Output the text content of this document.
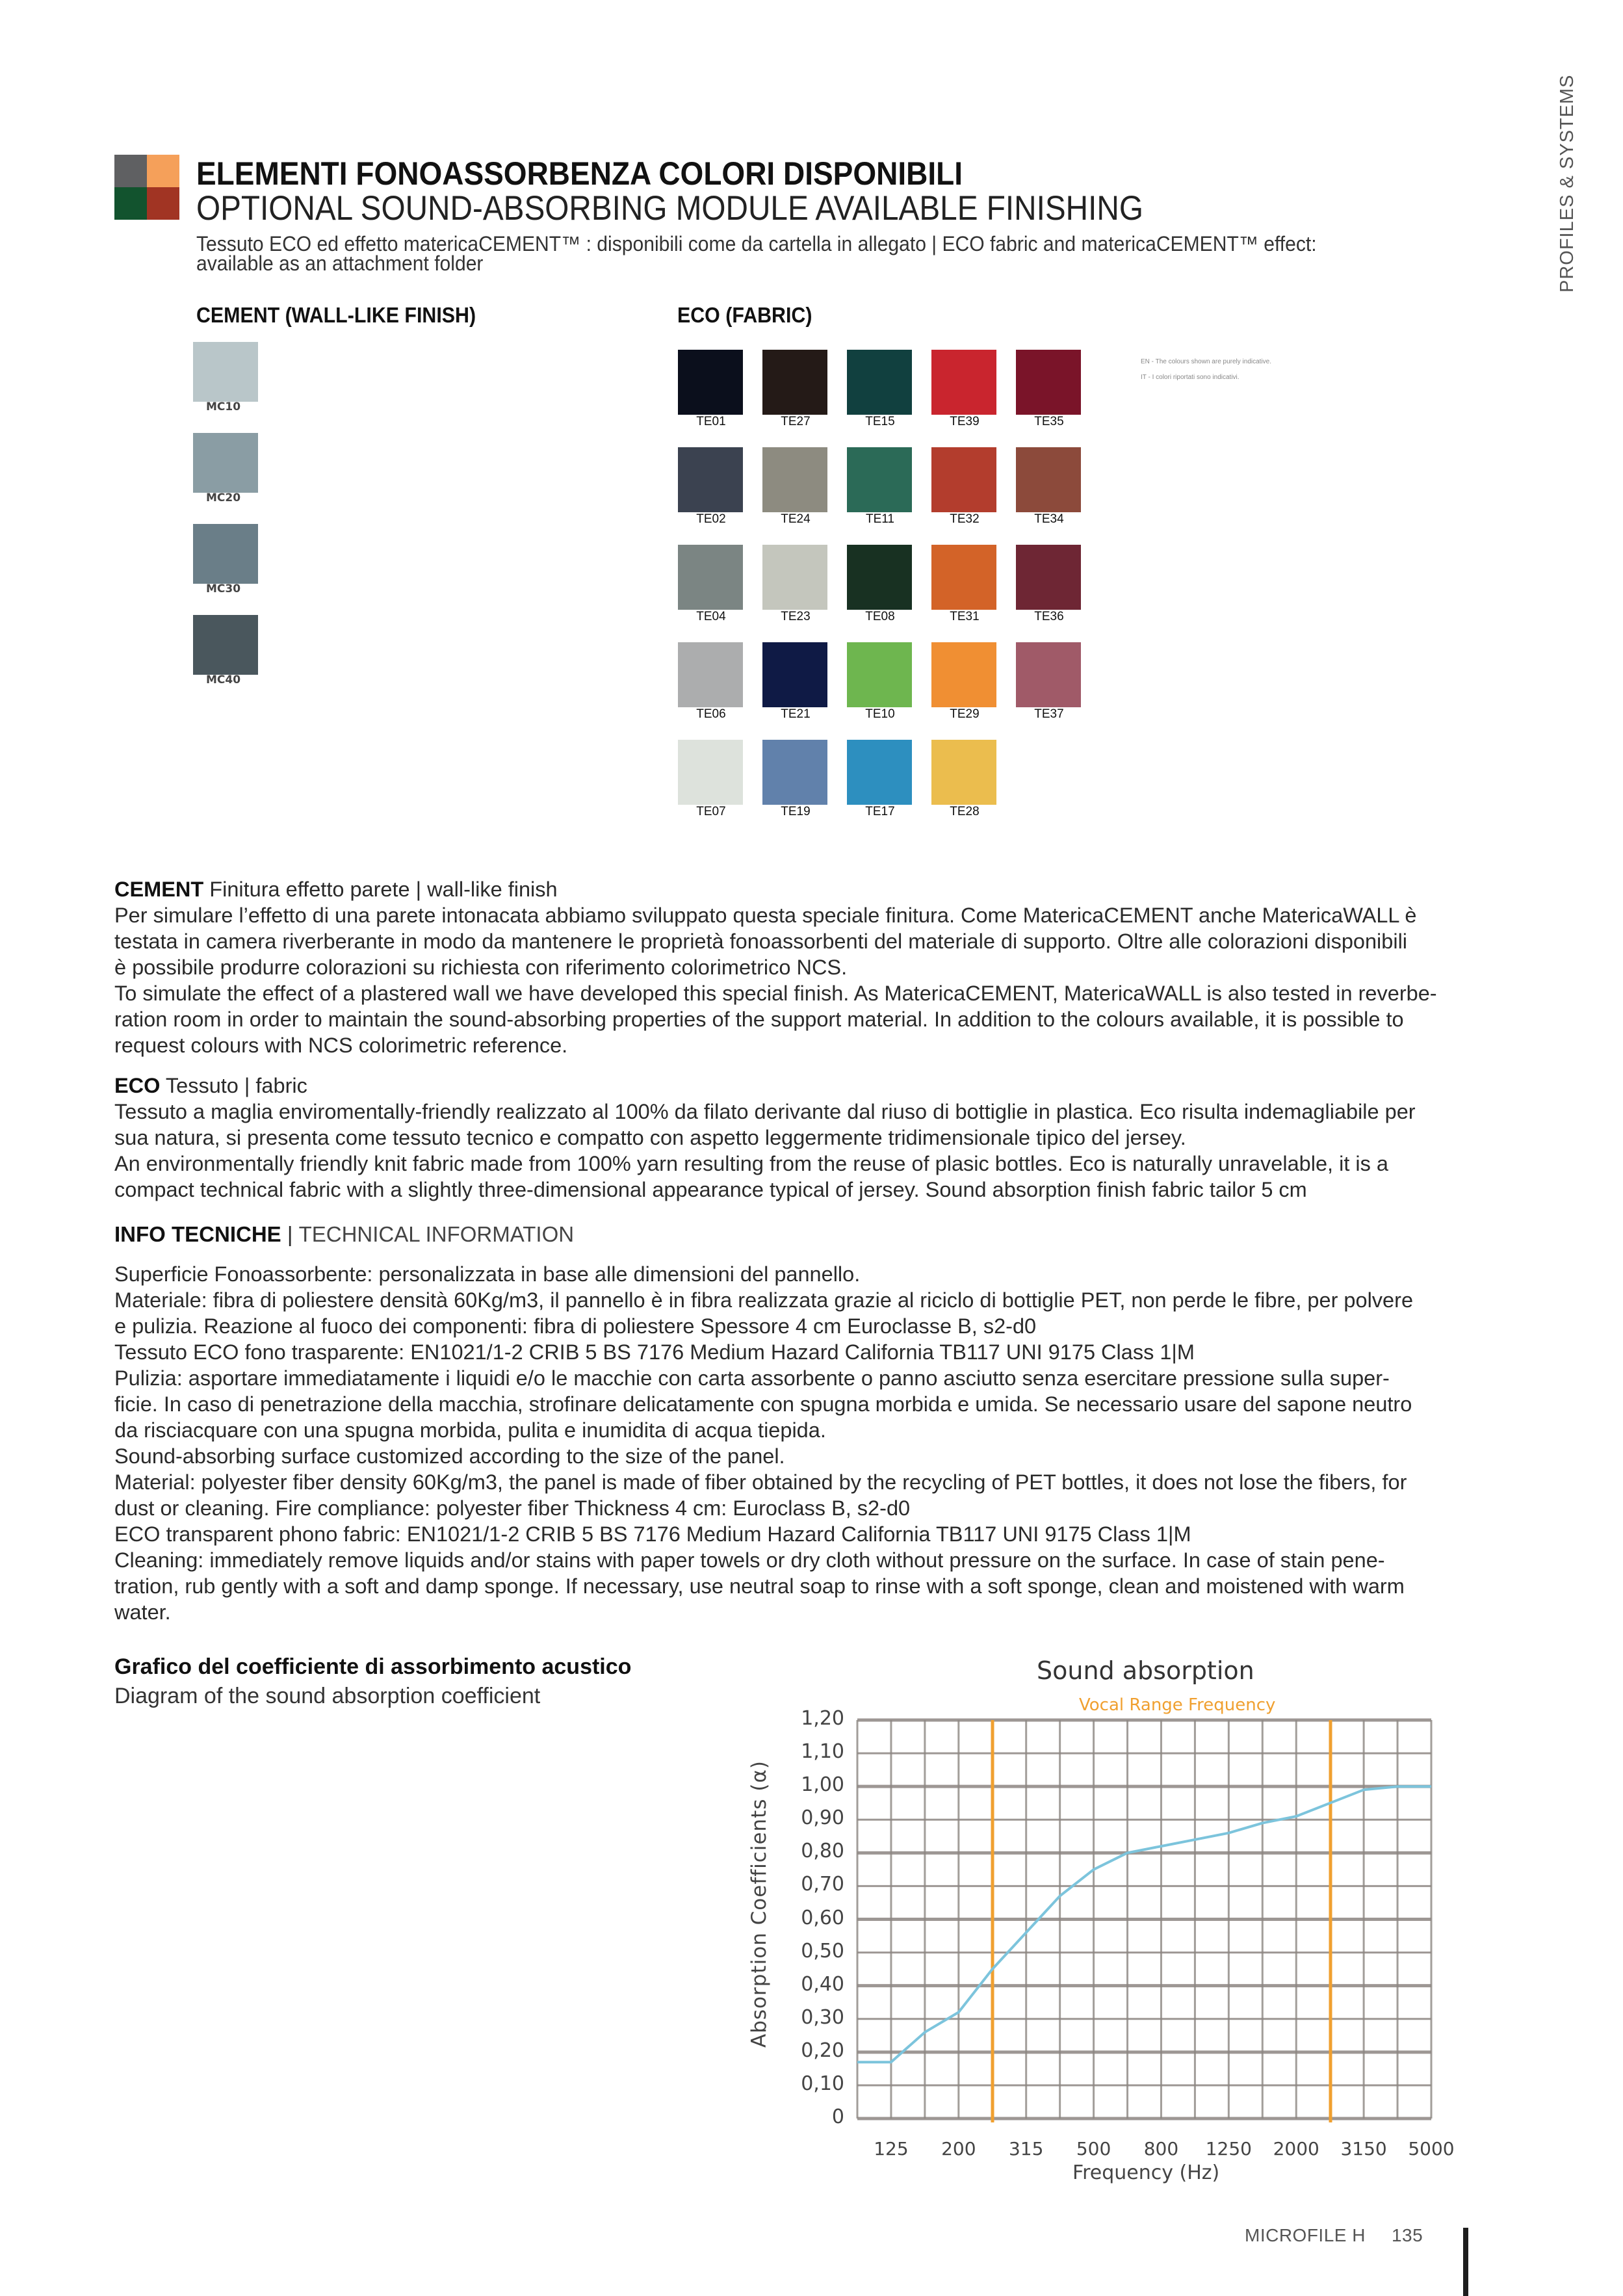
PROFILES & SYSTEMS
ELEMENTI FONOASSORBENZA COLORI DISPONIBILI
OPTIONAL SOUND-ABSORBING MODULE AVAILABLE FINISHING
Tessuto ECO ed effetto matericaCEMENT™ : disponibili come da cartella in allegato | ECO fabric and matericaCEMENT™ effect: available as an attachment folder
CEMENT (WALL-LIKE FINISH)	ECO (FABRIC)
MC10
MC20
MC30
MC40
TE01	TE27	TE15	TE39	TE35
TE02	TE24	TE11	TE32	TE34
TE04	TE23	TE08	TE31	TE36
TE06	TE21	TE10	TE29	TE37
TE07	TE19	TE17	TE28
EN - The colours shown are purely indicative.
IT - I colori riportati sono indicativi.
CEMENT Finitura effetto parete | wall-like finish
Per simulare l’effetto di una parete intonacata abbiamo sviluppato questa speciale finitura. Come MatericaCEMENT anche MatericaWALL è
testata in camera riverberante in modo da mantenere le proprietà fonoassorbenti del materiale di supporto. Oltre alle colorazioni disponibili
è possibile produrre colorazioni su richiesta con riferimento colorimetrico NCS.
To simulate the effect of a plastered wall we have developed this special finish. As MatericaCEMENT, MatericaWALL is also tested in reverbe-
ration room in order to maintain the sound-absorbing properties of the support material. In addition to the colours available, it is possible to
request colours with NCS colorimetric reference.
ECO Tessuto | fabric
Tessuto a maglia enviromentally-friendly realizzato al 100% da filato derivante dal riuso di bottiglie in plastica. Eco risulta indemagliabile per
sua natura, si presenta come tessuto tecnico e compatto con aspetto leggermente tridimensionale tipico del jersey.
An environmentally friendly knit fabric made from 100% yarn resulting from the reuse of plasic bottles. Eco is naturally unravelable, it is a
compact technical fabric with a slightly three-dimensional appearance typical of jersey. Sound absorption finish fabric tailor 5 cm
INFO TECNICHE | TECHNICAL INFORMATION
Superficie Fonoassorbente: personalizzata in base alle dimensioni del pannello.
Materiale: fibra di poliestere densità 60Kg/m3, il pannello è in fibra realizzata grazie al riciclo di bottiglie PET, non perde le fibre, per polvere
e pulizia. Reazione al fuoco dei componenti: fibra di poliestere Spessore 4 cm Euroclasse B, s2-d0
Tessuto ECO fono trasparente: EN1021/1-2 CRIB 5 BS 7176 Medium Hazard California TB117 UNI 9175 Class 1|M
Pulizia: asportare immediatamente i liquidi e/o le macchie con carta assorbente o panno asciutto senza esercitare pressione sulla super-
ficie. In caso di penetrazione della macchia, strofinare delicatamente con spugna morbida e umida. Se necessario usare del sapone neutro
da risciacquare con una spugna morbida, pulita e inumidita di acqua tiepida.
Sound-absorbing surface customized according to the size of the panel.
Material: polyester fiber density 60Kg/m3, the panel is made of fiber obtained by the recycling of PET bottles, it does not lose the fibers, for
dust or cleaning. Fire compliance: polyester fiber Thickness 4 cm: Euroclass B, s2-d0
ECO transparent phono fabric: EN1021/1-2 CRIB 5 BS 7176 Medium Hazard California TB117 UNI 9175 Class 1|M
Cleaning: immediately remove liquids and/or stains with paper towels or dry cloth without pressure on the surface. In case of stain pene-
tration, rub gently with a soft and damp sponge. If necessary, use neutral soap to rinse with a soft sponge, clean and moistened with warm
water.
Grafico del coefficiente di assorbimento acustico
Diagram of the sound absorption coefficient
Sound absorption
Vocal Range Frequency
Absorption Coefficients (α)
1,20
1,10
1,00
0,90
0,80
0,70
0,60
0,50
0,40
0,30
0,20
0,10
0
125	200	315	500	800	1250	2000	3150	5000
Frequency (Hz)
MICROFILE H 135
